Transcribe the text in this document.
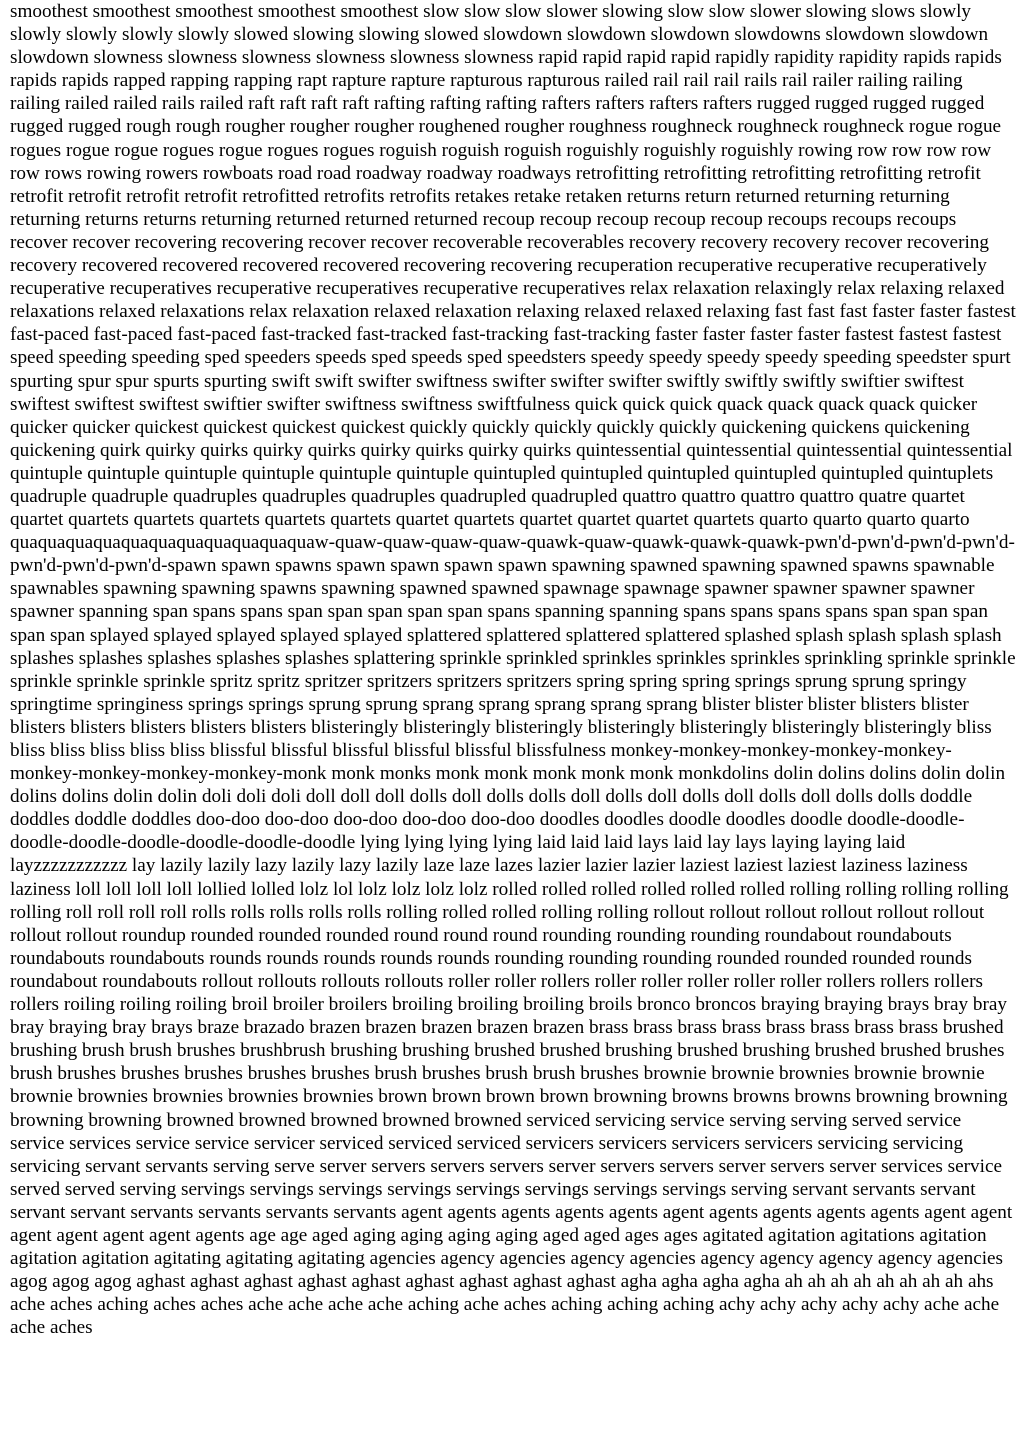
smoothest smoothest smoothest smoothest smoothest slow slow slow slower slowing slow slow slower slowing slows slowly slowly slowly slowly slowly slowed slowing slowing slowed slowdown slowdown slowdown slowdowns slowdown slowdown slowdown slowness slowness slowness slowness slowness slowness rapid rapid rapid rapid rapidly rapidity rapidity rapids rapids rapids rapids rapped rapping rapping rapt rapture rapture rapturous rapturous railed rail rail rail rails rail railer railing railing railing railed railed rails railed raft raft raft raft rafting rafting rafting rafters rafters rafters rafters rugged rugged rugged rugged rugged rugged rough rough rougher rougher rougher roughened rougher roughness roughneck roughneck roughneck rogue rogue rogues rogue rogue rogues rogue rogues rogues roguish roguish roguish roguishly roguishly roguishly rowing row row row row row rows rowing rowers rowboats road road roadway roadway roadways retrofitting retrofitting retrofitting retrofitting retrofit retrofit retrofit retrofit retrofit retrofitted retrofits retrofits retakes retake retaken returns return returned returning returning returning returns returns returning returned returned returned recoup recoup recoup recoup recoup recoups recoups recoups recover recover recovering recovering recover recover recoverable recoverables recovery recovery recovery recover recovering recovery recovered recovered recovered recovered recovering recovering recuperation recuperative recuperative recuperatively recuperative recuperatives recuperative recuperatives recuperative recuperatives relax relaxation relaxingly relax relaxing relaxed relaxations relaxed relaxations relax relaxation relaxed relaxation relaxing relaxed relaxed relaxing fast fast fast faster faster fastest fast-paced fast-paced fast-paced fast-tracked fast-tracked fast-tracking fast-tracking faster faster faster faster fastest fastest fastest speed speeding speeding sped speeders speeds sped speeds sped speedsters speedy speedy speedy speedy speeding speedster spurt spurting spur spur spurts spurting swift swift swifter swiftness swifter swifter swifter swiftly swiftly swiftly swiftier swiftest swiftest swiftest swiftest swiftier swifter swiftness swiftness swiftfulness quick quick quick quack quack quack quack quicker quicker quicker quickest quickest quickest quickest quickly quickly quickly quickly quickly quickening quickens quickening quickening quirk quirky quirks quirky quirks quirky quirks quirky quirks quintessential quintessential quintessential quintessential quintuple quintuple quintuple quintuple quintuple quintuple quintupled quintupled quintupled quintupled quintupled quintuplets quadruple quadruple quadruples quadruples quadruples quadrupled quadrupled quattro quattro quattro quattro quatre quartet quartet quartets quartets quartets quartets quartets quartet quartets quartet quartet quartet quartets quarto quarto quarto quarto quaquaquaquaquaquaquaquaquaquaquaw-quaw-quaw-quaw-quaw-quawk-quaw-quawk-quawk-quawk-pwn'd-pwn'd-pwn'd-pwn'd-pwn'd-pwn'd-pwn'd-spawn spawn spawns spawn spawn spawn spawn spawning spawned spawning spawned spawns spawnable spawnables spawning spawning spawns spawning spawned spawned spawnage spawnage spawner spawner spawner spawner spawner spanning span spans spans span span span span span spans spanning spanning spans spans spans spans span span span span span splayed splayed splayed splayed splayed splattered splattered splattered splattered splashed splash splash splash splash splashes splashes splashes splashes splashes splattering sprinkle sprinkled sprinkles sprinkles sprinkles sprinkling sprinkle sprinkle sprinkle sprinkle sprinkle spritz spritz spritzer spritzers spritzers spritzers spring spring spring springs sprung sprung springy springtime springiness springs springs sprung sprung sprang sprang sprang sprang sprang blister blister blister blisters blister blisters blisters blisters blisters blisters blisteringly blisteringly blisteringly blisteringly blisteringly blisteringly blisteringly bliss bliss bliss bliss bliss bliss blissful blissful blissful blissful blissful blissfulness monkey-monkey-monkey-monkey-monkey-monkey-monkey-monkey-monkey-monk monk monks monk monk monk monk monk monkdolins dolin dolins dolins dolin dolin dolins dolins dolin dolin doli doli doli doll doll doll dolls doll dolls dolls doll dolls doll dolls doll dolls doll dolls dolls doddle doddles doddle doddles doo-doo doo-doo doo-doo doo-doo doo-doo doodles doodles doodle doodles doodle doodle-doodle-doodle-doodle-doodle-doodle-doodle-doodle lying lying lying lying laid laid laid lays laid lay lays laying laying laid layzzzzzzzzzzz lay lazily lazily lazy lazily lazy lazily laze laze lazes lazier lazier lazier laziest laziest laziest laziness laziness laziness loll loll loll loll lollied lolled lolz lol lolz lolz lolz lolz rolled rolled rolled rolled rolled rolled rolling rolling rolling rolling rolling roll roll roll roll rolls rolls rolls rolls rolls rolling rolled rolled rolling rolling rollout rollout rollout rollout rollout rollout rollout rollout roundup rounded rounded rounded round round round rounding rounding rounding roundabout roundabouts roundabouts roundabouts rounds rounds rounds rounds rounds rounding rounding rounding rounded rounded rounded rounds roundabout roundabouts rollout rollouts rollouts rollouts roller roller rollers roller roller roller roller roller rollers rollers rollers rollers roiling roiling roiling broil broiler broilers broiling broiling broiling broils bronco broncos braying braying brays bray bray bray braying bray brays braze brazado brazen brazen brazen brazen brazen brass brass brass brass brass brass brass brass brushed brushing brush brush brushes brushbrush brushing brushing brushed brushed brushing brushed brushing brushed brushed brushes brush brushes brushes brushes brushes brushes brush brushes brush brush brushes brownie brownie brownies brownie brownie brownie brownies brownies brownies brownies brown brown brown brown browning browns browns browns browning browning browning browning browned browned browned browned browned serviced servicing service serving serving served service service services service service servicer serviced serviced serviced servicers servicers servicers servicers servicing servicing servicing servant servants serving serve server servers servers servers server servers servers server servers server services service served served serving servings servings servings servings servings servings servings servings serving servant servants servant servant servant servants servants servants servants agent agents agents agents agents agent agents agents agents agents agent agent agent agent agent agent agents age age aged aging aging aging aging aged aged ages ages agitated agitation agitations agitation agitation agitation agitating agitating agitating agencies agency agencies agency agencies agency agency agency agency agencies agog agog agog aghast aghast aghast aghast aghast aghast aghast aghast aghast agha agha agha agha ah ah ah ah ah ah ah ah ahs ache aches aching aches aches ache ache ache ache aching ache aches aching aching aching achy achy achy achy achy ache ache ache aches
